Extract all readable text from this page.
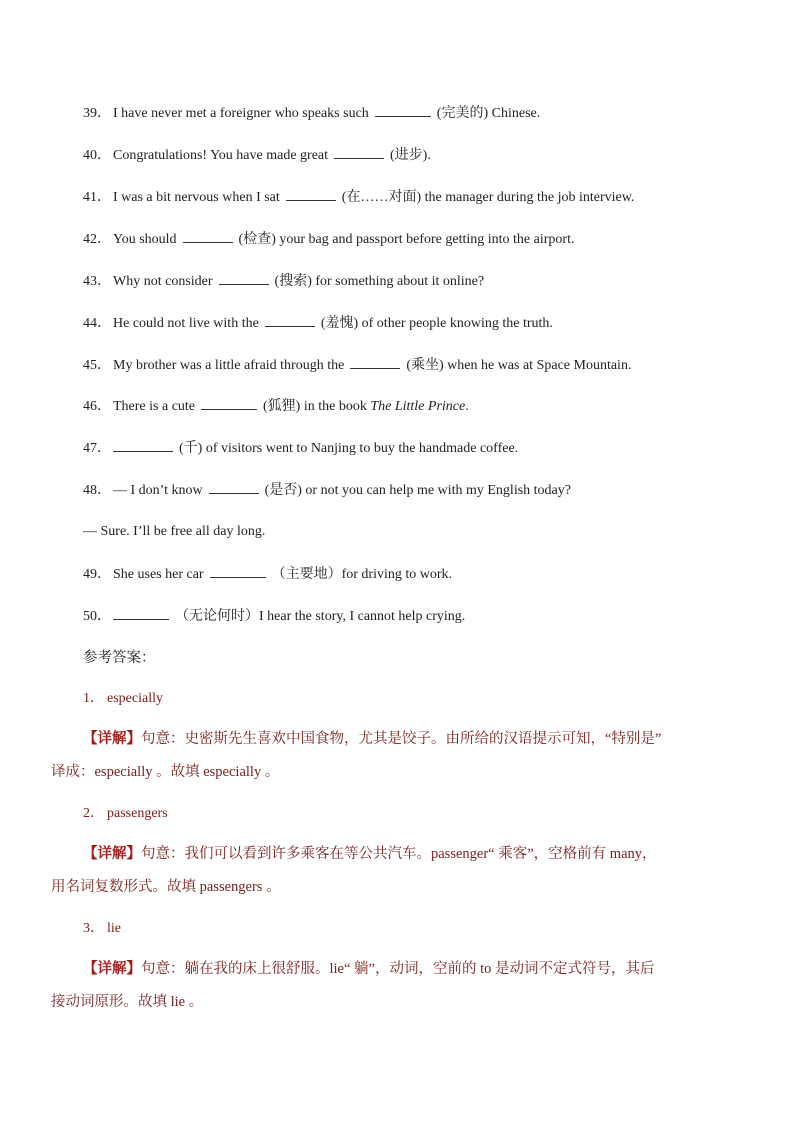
39． I have never met a foreigner who speaks such	(完美的) Chinese.
40． Congratulations! You have made great	(进步).
41． I was a bit nervous when I sat	(在……对面) the manager during the job interview.
42． You should	(检查) your bag and passport before getting into the airport.
43． Why not consider	(搜索) for something about it online?
44． He could not live with the	(羞愧) of other people knowing the truth.
45． My brother was a little afraid through the	(乘坐) when he was at Space Mountain.
46． There is a cute	(狐狸) in the book The Little Prince.
47．	(千) of visitors went to Nanjing to buy the handmade coffee.
48． — I don’t know	(是否) or not you can help me with my English today?
— Sure. I’ll be free all day long.
49． She uses her car	（主要地）for driving to work.
50．	（无论何时）I hear the story, I cannot help crying.
参考答案：
1． especially
【详解】句意：史密斯先生喜欢中国食物，尤其是饺子。由所给的汉语提示可知，“特别是”
译成：especially 。故填 especially 。
2． passengers
【详解】句意：我们可以看到许多乘客在等公共汽车。passenger“ 乘客”，空格前有 many，
用名词复数形式。故填 passengers 。
3． lie
【详解】句意：躺在我的床上很舒服。lie“ 躺”，动词，空前的 to 是动词不定式符号，其后
接动词原形。故填 lie 。
